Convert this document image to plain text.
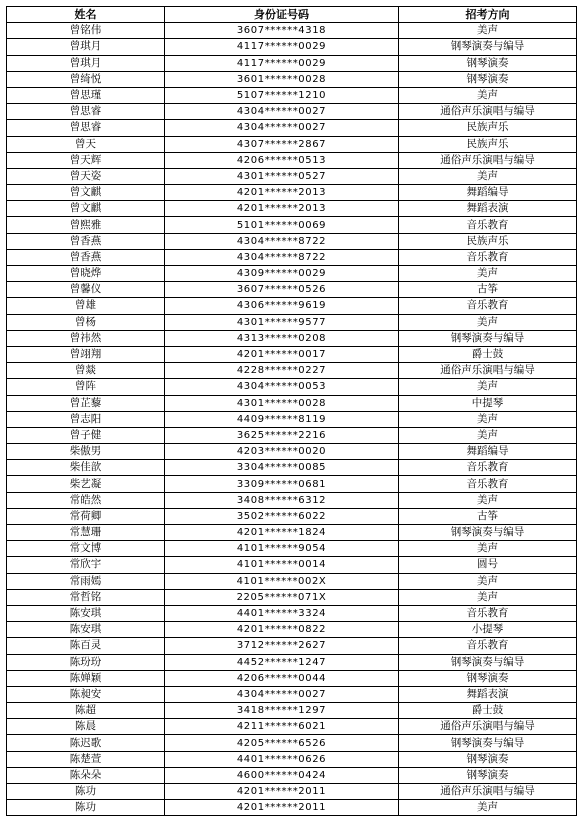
姓名	身份证号码	招考方向
曾铭伟	3607******4318	美声
曾琪月	4117******0029	钢琴演奏与编导
曾琪月	4117******0029	钢琴演奏
曾绮悦	3601******0028	钢琴演奏
曾思瑾	5107******1210	美声
曾思睿	4304******0027	通俗声乐演唱与编导
曾思睿	4304******0027	民族声乐
曾天	4307******2867	民族声乐
曾天辉	4206******0513	通俗声乐演唱与编导
曾天姿	4301******0527	美声
曾文麒	4201******2013	舞蹈编导
曾文麒	4201******2013	舞蹈表演
曾熙雅	5101******0069	音乐教育
曾香燕	4304******8722	民族声乐
曾香燕	4304******8722	音乐教育
曾晓烨	4309******0029	美声
曾馨仪	3607******0526	古筝
曾雄	4306******9619	音乐教育
曾杨	4301******9577	美声
曾祎然	4313******0208	钢琴演奏与编导
曾翊翔	4201******0017	爵士鼓
曾燚	4228******0227	通俗声乐演唱与编导
曾阵	4304******0053	美声
曾芷藜	4301******0028	中提琴
曾志阳	4409******8119	美声
曾子健	3625******2216	美声
柴傲男	4203******0020	舞蹈编导
柴佳歆	3304******0085	音乐教育
柴艺凝	3309******0681	音乐教育
常皓然	3408******6312	美声
常荷卿	3502******6022	古筝
常慧珊	4201******1824	钢琴演奏与编导
常文博	4101******9054	美声
常欣宇	4101******0014	圆号
常雨嫣	4101******002X	美声
常哲铭	2205******071X	美声
陈安琪	4401******3324	音乐教育
陈安琪	4201******0822	小提琴
陈百灵	3712******2627	音乐教育
陈玢玢	4452******1247	钢琴演奏与编导
陈婵颖	4206******0044	钢琴演奏
陈昶安	4304******0027	舞蹈表演
陈超	3418******1297	爵士鼓
陈晨	4211******6021	通俗声乐演唱与编导
陈迟歌	4205******6526	钢琴演奏与编导
陈楚萱	4401******0626	钢琴演奏
陈朵朵	4600******0424	钢琴演奏
陈功	4201******2011	通俗声乐演唱与编导
陈功	4201******2011	美声
